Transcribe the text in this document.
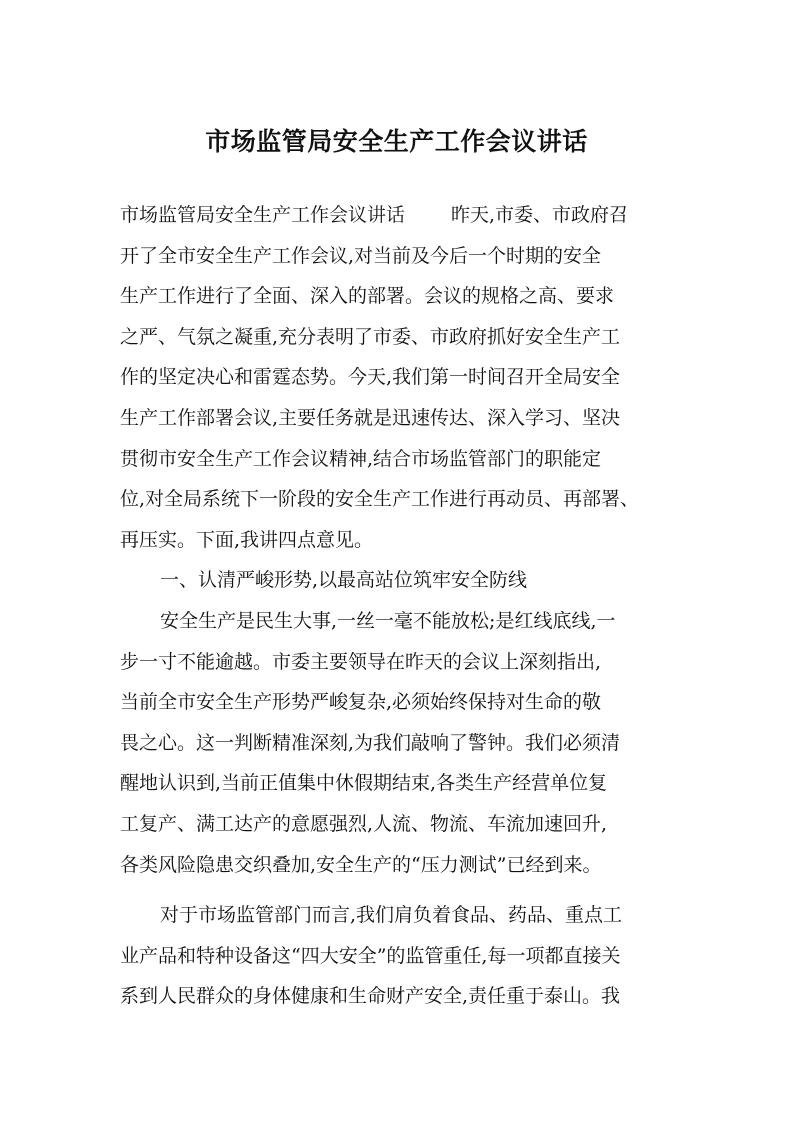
市场监管局安全生产工作会议讲话
市场监管局安全生产工作会议讲话 昨天,市委、市政府召
开了全市安全生产工作会议,对当前及今后一个时期的安全
生产工作进行了全面、深入的部署。会议的规格之高、要求
之严、气氛之凝重,充分表明了市委、市政府抓好安全生产工
作的坚定决心和雷霆态势。今天,我们第一时间召开全局安全
生产工作部署会议,主要任务就是迅速传达、深入学习、坚决
贯彻市安全生产工作会议精神,结合市场监管部门的职能定
位,对全局系统下一阶段的安全生产工作进行再动员、再部署、
再压实。下面,我讲四点意见。
一、认清严峻形势,以最高站位筑牢安全防线
安全生产是民生大事,一丝一毫不能放松;是红线底线,一
步一寸不能逾越。市委主要领导在昨天的会议上深刻指出,
当前全市安全生产形势严峻复杂,必须始终保持对生命的敬
畏之心。这一判断精准深刻,为我们敲响了警钟。我们必须清
醒地认识到,当前正值集中休假期结束,各类生产经营单位复
工复产、满工达产的意愿强烈,人流、物流、车流加速回升,
各类风险隐患交织叠加,安全生产的“压力测试”已经到来。
对于市场监管部门而言,我们肩负着食品、药品、重点工
业产品和特种设备这“四大安全”的监管重任,每一项都直接关
系到人民群众的身体健康和生命财产安全,责任重于泰山。我
